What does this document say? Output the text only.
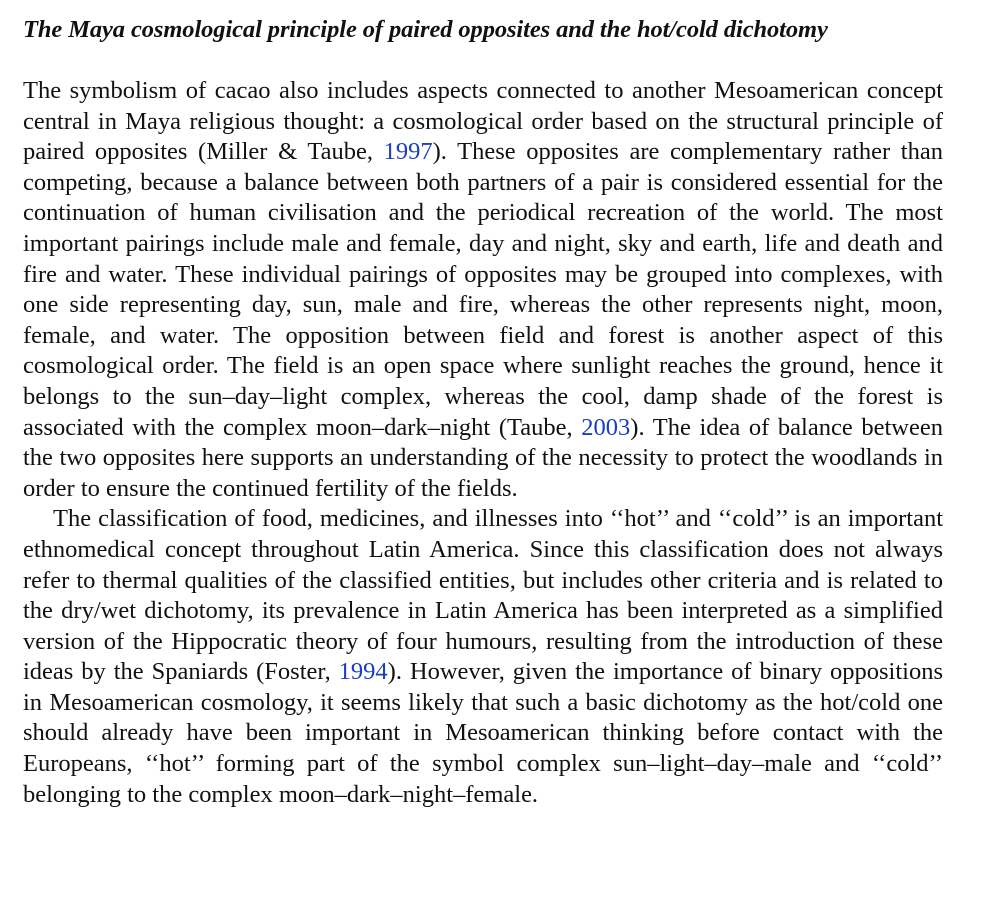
The Maya cosmological principle of paired opposites and the hot/cold dichotomy

The symbolism of cacao also includes aspects connected to another Mesoamerican concept central in Maya religious thought: a cosmological order based on the structural principle of paired opposites (Miller & Taube, 1997). These opposites are complementary rather than competing, because a balance between both partners of a pair is considered essential for the continuation of human civilisation and the periodical recreation of the world. The most important pairings include male and female, day and night, sky and earth, life and death and fire and water. These individual pairings of opposites may be grouped into complexes, with one side representing day, sun, male and fire, whereas the other represents night, moon, female, and water. The opposition between field and forest is another aspect of this cosmological order. The field is an open space where sunlight reaches the ground, hence it belongs to the sun–day–light complex, whereas the cool, damp shade of the forest is associated with the complex moon–dark–night (Taube, 2003). The idea of balance between the two opposites here supports an understanding of the necessity to protect the woodlands in order to ensure the continued fertility of the fields.

The classification of food, medicines, and illnesses into ‘‘hot’’ and ‘‘cold’’ is an important ethnomedical concept throughout Latin America. Since this classification does not always refer to thermal qualities of the classified entities, but includes other criteria and is related to the dry/wet dichotomy, its prevalence in Latin America has been interpreted as a simplified version of the Hippocratic theory of four humours, resulting from the introduction of these ideas by the Spaniards (Foster, 1994). However, given the importance of binary oppositions in Mesoamerican cosmology, it seems likely that such a basic dichotomy as the hot/cold one should already have been important in Mesoamerican thinking before contact with the Europeans, ‘‘hot’’ forming part of the symbol complex sun–light–day–male and ‘‘cold’’ belonging to the complex moon–dark–night–female.
